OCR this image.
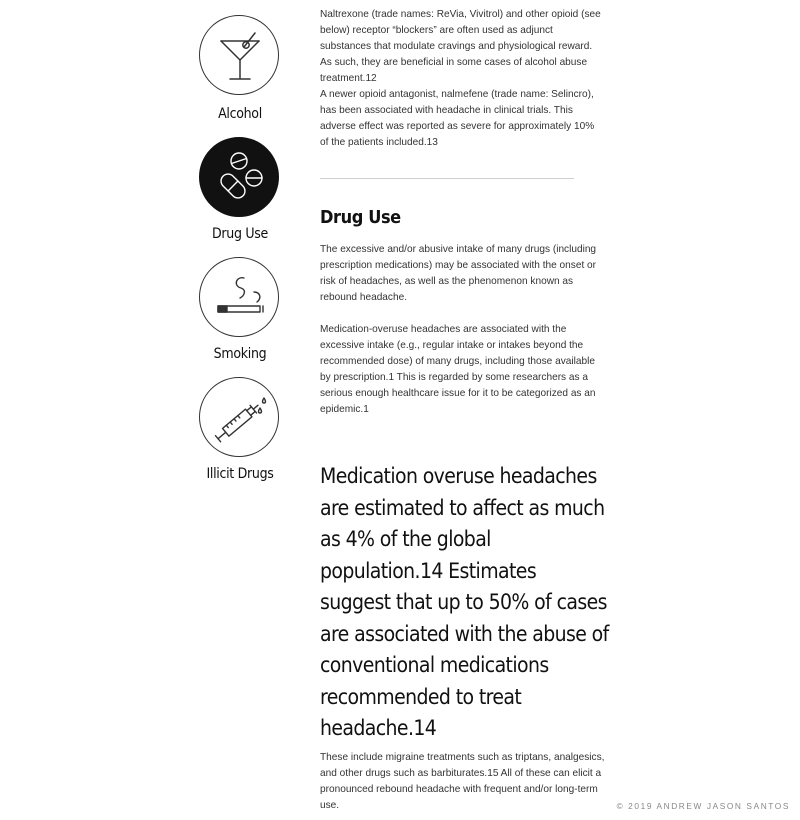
Alcohol
Drug Use
Smoking
Illicit Drugs

Naltrexone (trade names: ReVia, Vivitrol) and other opioid (see below) receptor “blockers” are often used as adjunct substances that modulate cravings and physiological reward. As such, they are beneficial in some cases of alcohol abuse treatment.12

A newer opioid antagonist, nalmefene (trade name: Selincro), has been associated with headache in clinical trials. This adverse effect was reported as severe for approximately 10% of the patients included.13

Drug Use

The excessive and/or abusive intake of many drugs (including prescription medications) may be associated with the onset or risk of headaches, as well as the phenomenon known as rebound headache.

Medication-overuse headaches are associated with the excessive intake (e.g., regular intake or intakes beyond the recommended dose) of many drugs, including those available by prescription.1 This is regarded by some researchers as a serious enough healthcare issue for it to be categorized as an epidemic.1

Medication overuse headaches are estimated to affect as much as 4% of the global population.14 Estimates suggest that up to 50% of cases are associated with the abuse of conventional medications recommended to treat headache.14

These include migraine treatments such as triptans, analgesics, and other drugs such as barbiturates.15 All of these can elicit a pronounced rebound headache with frequent and/or long-term use.	© 2019 ANDREW JASON SANTOS
